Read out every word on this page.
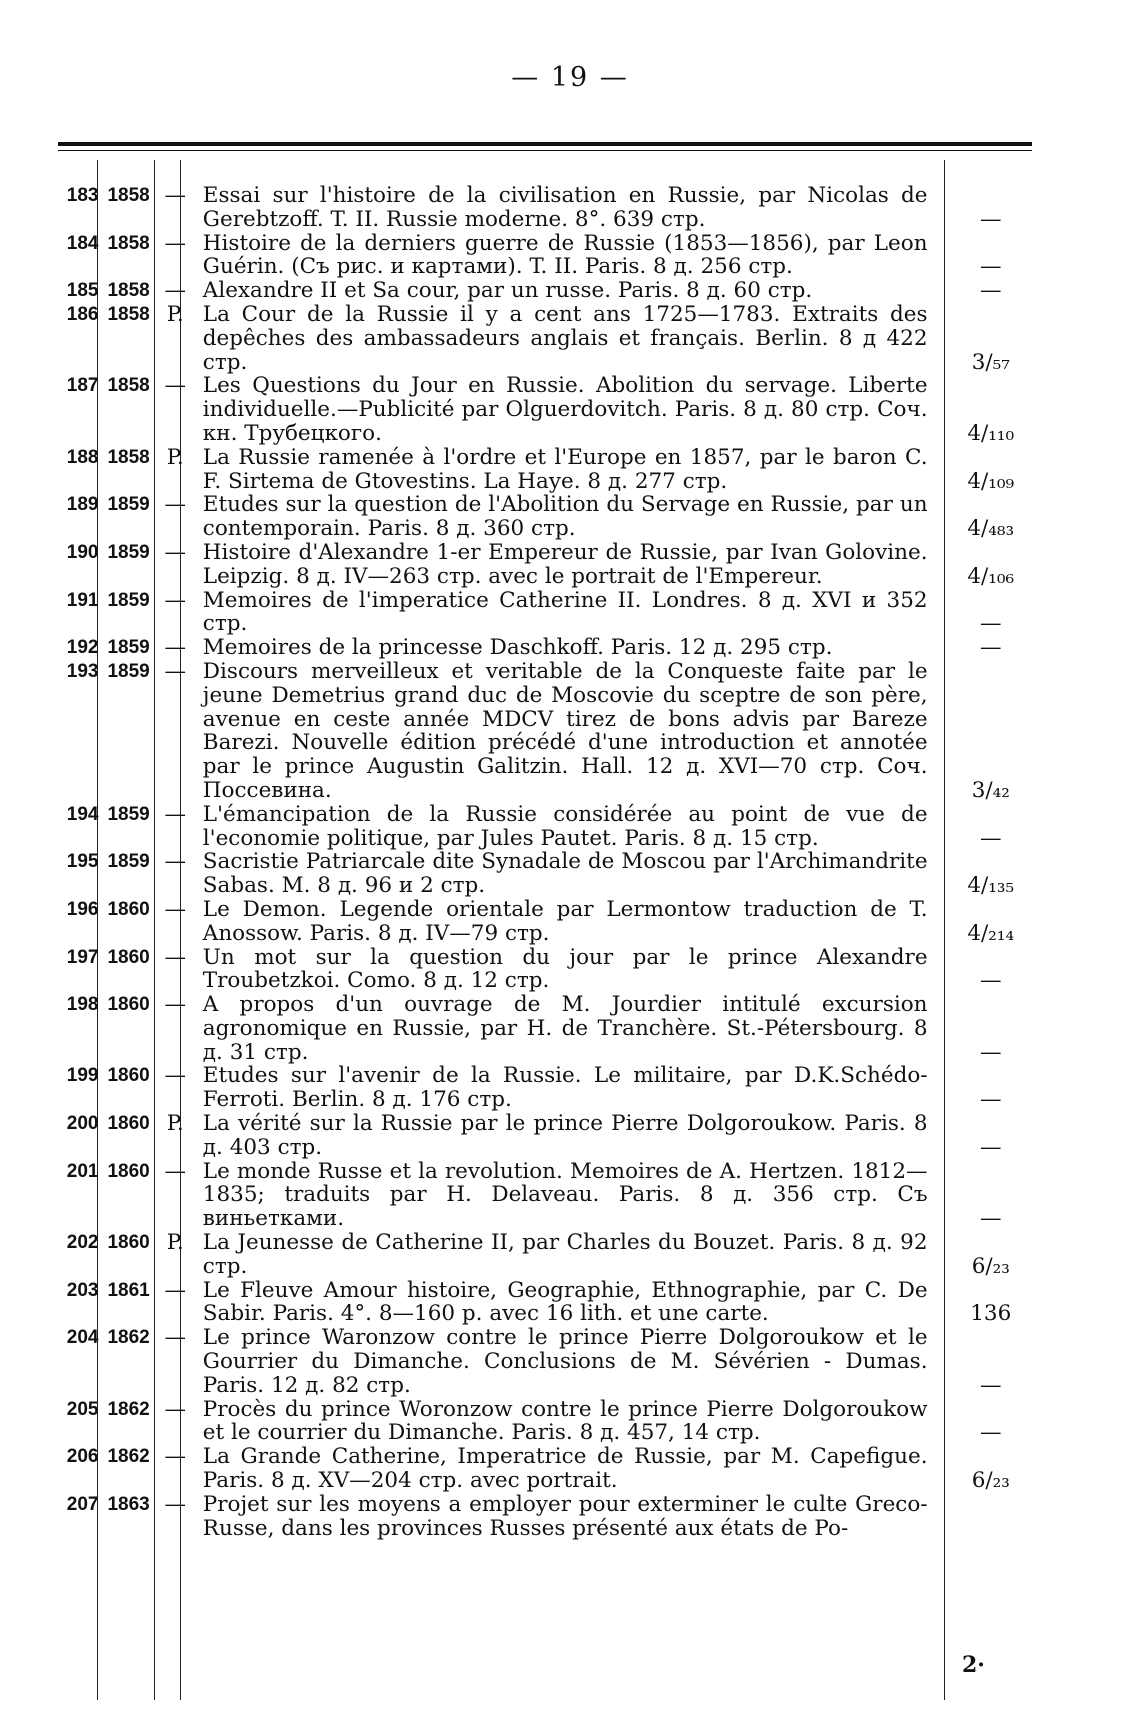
— 19 —
183	1858	—	Essai sur l'histoire de la civilisation en Russie, par Nicolas de Gerebtzoff. T. II. Russie moderne. 8°. 639 стр.	—
184	1858	—	Histoire de la derniers guerre de Russie (1853—1856), par Leon Guérin. (Съ рис. и картами). T. II. Paris. 8 д. 256 стр.	—
185	1858	—	Alexandre II et Sa cour, par un russe. Paris. 8 д. 60 стр.	—
186	1858	P.	La Cour de la Russie il y a cent ans 1725—1783. Extraits des depêches des ambassadeurs anglais et français. Berlin. 8 д 422 стр.	3/₅₇
187	1858	—	Les Questions du Jour en Russie. Abolition du servage. Liberte individuelle.—Publicité par Olguerdovitch. Paris. 8 д. 80 стр. Соч. кн. Трубецкого.	4/₁₁₀
188	1858	P.	La Russie ramenée à l'ordre et l'Europe en 1857, par le baron C. F. Sirtema de Gtovestins. La Haye. 8 д. 277 стр.	4/₁₀₉
189	1859	—	Etudes sur la question de l'Abolition du Servage en Russie, par un contemporain. Paris. 8 д. 360 стр.	4/₄₈₃
190	1859	—	Histoire d'Alexandre 1-er Empereur de Russie, par Ivan Golovine. Leipzig. 8 д. IV—263 стр. avec le portrait de l'Empereur.	4/₁₀₆
191	1859	—	Memoires de l'imperatice Catherine II. Londres. 8 д. XVI и 352 стр.	—
192	1859	—	Memoires de la princesse Daschkoff. Paris. 12 д. 295 стр.	—
193	1859	—	Discours merveilleux et veritable de la Conqueste faite par le jeune Demetrius grand duc de Moscovie du sceptre de son père, avenue en ceste année MDCV tirez de bons advis par Bareze Barezi. Nouvelle édition précédé d'une introduction et annotée par le prince Augustin Galitzin. Hall. 12 д. XVI—70 стр. Соч. Поссевина.	3/₄₂
194	1859	—	L'émancipation de la Russie considérée au point de vue de l'economie politique, par Jules Pautet. Paris. 8 д. 15 стр.	—
195	1859	—	Sacristie Patriarcale dite Synadale de Moscou par l'Archimandrite Sabas. M. 8 д. 96 и 2 стр.	4/₁₃₅
196	1860	—	Le Demon. Legende orientale par Lermontow traduction de T. Anossow. Paris. 8 д. IV—79 стр.	4/₂₁₄
197	1860	—	Un mot sur la question du jour par le prince Alexandre Troubetzkoi. Como. 8 д. 12 стр.	—
198	1860	—	A propos d'un ouvrage de M. Jourdier intitulé excursion agronomique en Russie, par H. de Tranchère. St.-Pétersbourg. 8 д. 31 стр.	—
199	1860	—	Etudes sur l'avenir de la Russie. Le militaire, par D.K.Schédo-Ferroti. Berlin. 8 д. 176 стр.	—
200	1860	P.	La vérité sur la Russie par le prince Pierre Dolgoroukow. Paris. 8 д. 403 стр.	—
201	1860	—	Le monde Russe et la revolution. Memoires de A. Hertzen. 1812—1835; traduits par H. Delaveau. Paris. 8 д. 356 стр. Съ виньетками.	—
202	1860	P.	La Jeunesse de Catherine II, par Charles du Bouzet. Paris. 8 д. 92 стр.	6/₂₃
203	1861	—	Le Fleuve Amour histoire, Geographie, Ethnographie, par C. De Sabir. Paris. 4°. 8—160 p. avec 16 lith. et une carte.	136
204	1862	—	Le prince Waronzow contre le prince Pierre Dolgoroukow et le Gourrier du Dimanche. Conclusions de M. Sévérien - Dumas. Paris. 12 д. 82 стр.	—
205	1862	—	Procès du prince Woronzow contre le prince Pierre Dolgoroukow et le courrier du Dimanche. Paris. 8 д. 457, 14 стр.	—
206	1862	—	La Grande Catherine, Imperatrice de Russie, par M. Capefigue. Paris. 8 д. XV—204 стр. avec portrait.	6/₂₃
207	1863	—	Projet sur les moyens a employer pour exterminer le culte Greco-Russe, dans les provinces Russes présenté aux états de Po-	
2·
